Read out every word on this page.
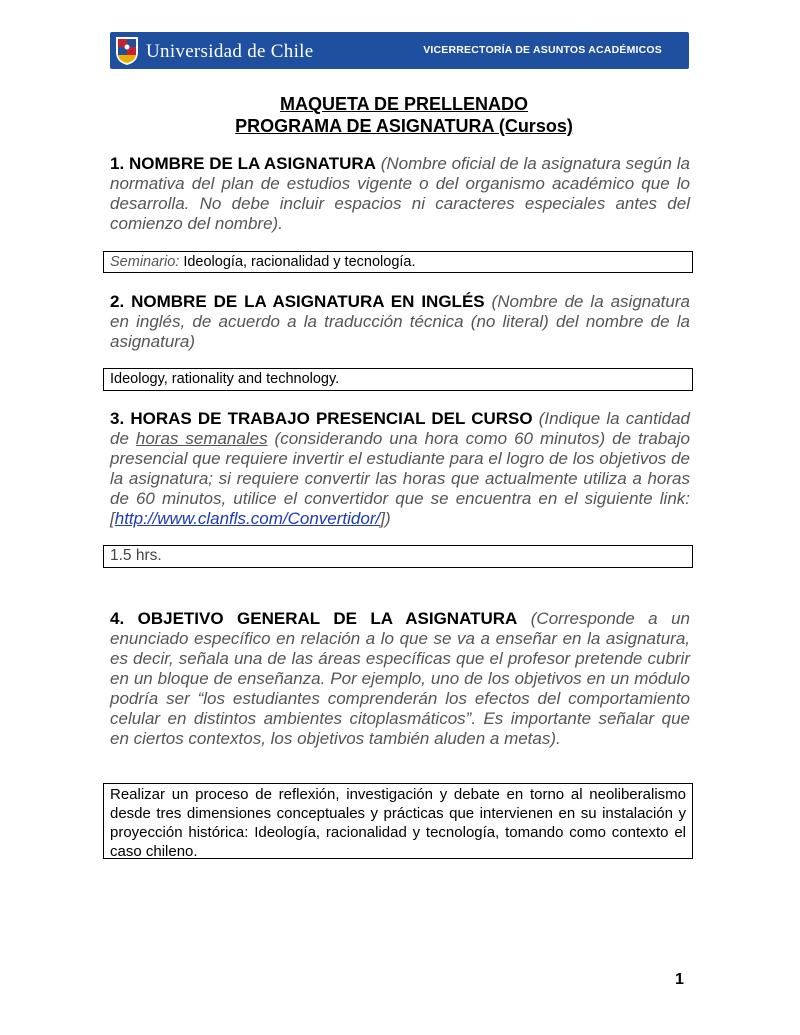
Universidad de Chile	VICERRECTORÍA DE ASUNTOS ACADÉMICOS
MAQUETA DE PRELLENADO
PROGRAMA DE ASIGNATURA (Cursos)
1. NOMBRE DE LA ASIGNATURA (Nombre oficial de la asignatura según la normativa del plan de estudios vigente o del organismo académico que lo desarrolla. No debe incluir espacios ni caracteres especiales antes del comienzo del nombre).
Seminario: Ideología, racionalidad y tecnología.
2. NOMBRE DE LA ASIGNATURA EN INGLÉS (Nombre de la asignatura en inglés, de acuerdo a la traducción técnica (no literal) del nombre de la asignatura)
Ideology, rationality and technology.
3. HORAS DE TRABAJO PRESENCIAL DEL CURSO (Indique la cantidad de horas semanales (considerando una hora como 60 minutos) de trabajo presencial que requiere invertir el estudiante para el logro de los objetivos de la asignatura; si requiere convertir las horas que actualmente utiliza a horas de 60 minutos, utilice el convertidor que se encuentra en el siguiente link: [http://www.clanfls.com/Convertidor/])
1.5 hrs.
4. OBJETIVO GENERAL DE LA ASIGNATURA (Corresponde a un enunciado específico en relación a lo que se va a enseñar en la asignatura, es decir, señala una de las áreas específicas que el profesor pretende cubrir en un bloque de enseñanza. Por ejemplo, uno de los objetivos en un módulo podría ser “los estudiantes comprenderán los efectos del comportamiento celular en distintos ambientes citoplasmáticos”. Es importante señalar que en ciertos contextos, los objetivos también aluden a metas).
Realizar un proceso de reflexión, investigación y debate en torno al neoliberalismo desde tres dimensiones conceptuales y prácticas que intervienen en su instalación y proyección histórica: Ideología, racionalidad y tecnología, tomando como contexto el caso chileno.
1
